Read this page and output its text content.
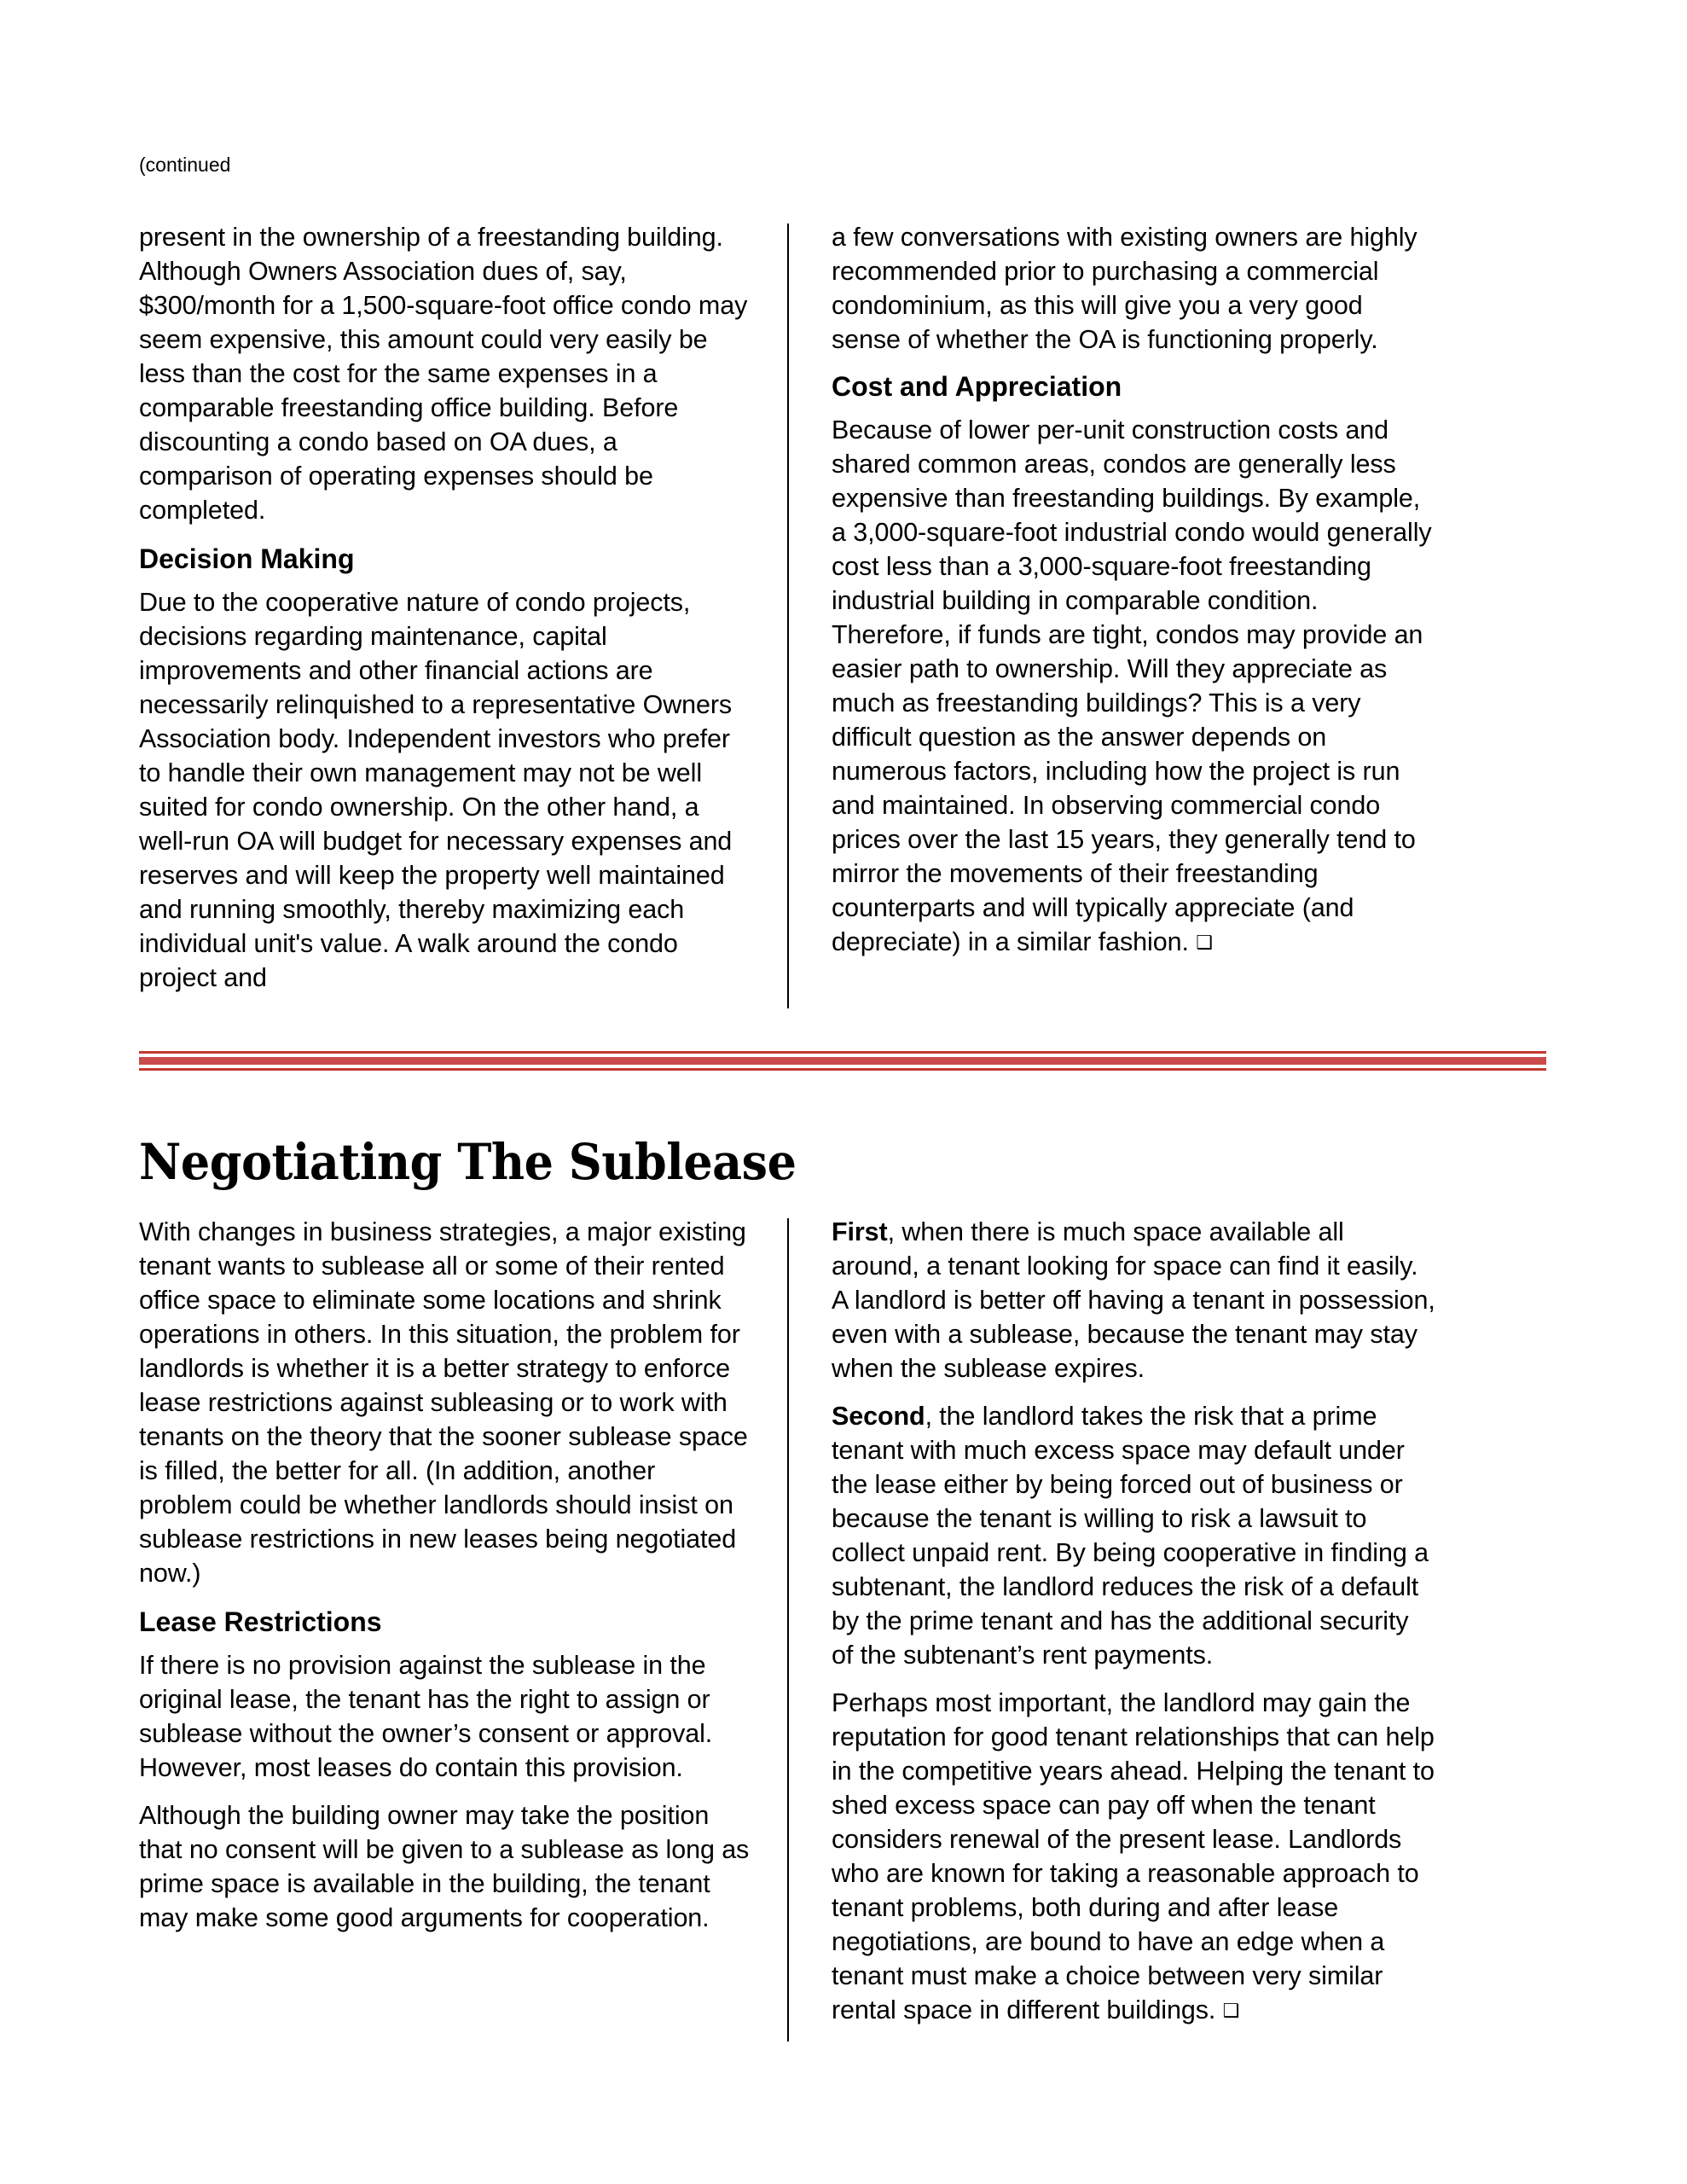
(continued

present in the ownership of a freestanding building. Although Owners Association dues of, say, $300/month for a 1,500-square-foot office condo may seem expensive, this amount could very easily be less than the cost for the same expenses in a comparable freestanding office building. Before discounting a condo based on OA dues, a comparison of operating expenses should be completed.

Decision Making

Due to the cooperative nature of condo projects, decisions regarding maintenance, capital improvements and other financial actions are necessarily relinquished to a representative Owners Association body. Independent investors who prefer to handle their own management may not be well suited for condo ownership. On the other hand, a well-run OA will budget for necessary expenses and reserves and will keep the property well maintained and running smoothly, thereby maximizing each individual unit's value. A walk around the condo project and

a few conversations with existing owners are highly recommended prior to purchasing a commercial condominium, as this will give you a very good sense of whether the OA is functioning properly.

Cost and Appreciation

Because of lower per-unit construction costs and shared common areas, condos are generally less expensive than freestanding buildings. By example, a 3,000-square-foot industrial condo would generally cost less than a 3,000-square-foot freestanding industrial building in comparable condition. Therefore, if funds are tight, condos may provide an easier path to ownership. Will they appreciate as much as freestanding buildings? This is a very difficult question as the answer depends on numerous factors, including how the project is run and maintained. In observing commercial condo prices over the last 15 years, they generally tend to mirror the movements of their freestanding counterparts and will typically appreciate (and depreciate) in a similar fashion. ❑

Negotiating The Sublease

With changes in business strategies, a major existing tenant wants to sublease all or some of their rented office space to eliminate some locations and shrink operations in others. In this situation, the problem for landlords is whether it is a better strategy to enforce lease restrictions against subleasing or to work with tenants on the theory that the sooner sublease space is filled, the better for all. (In addition, another problem could be whether landlords should insist on sublease restrictions in new leases being negotiated now.)

Lease Restrictions

If there is no provision against the sublease in the original lease, the tenant has the right to assign or sublease without the owner’s consent or approval. However, most leases do contain this provision.

Although the building owner may take the position that no consent will be given to a sublease as long as prime space is available in the building, the tenant may make some good arguments for cooperation.

First, when there is much space available all around, a tenant looking for space can find it easily. A landlord is better off having a tenant in possession, even with a sublease, because the tenant may stay when the sublease expires.

Second, the landlord takes the risk that a prime tenant with much excess space may default under the lease either by being forced out of business or because the tenant is willing to risk a lawsuit to collect unpaid rent. By being cooperative in finding a subtenant, the landlord reduces the risk of a default by the prime tenant and has the additional security of the subtenant’s rent payments.

Perhaps most important, the landlord may gain the reputation for good tenant relationships that can help in the competitive years ahead. Helping the tenant to shed excess space can pay off when the tenant considers renewal of the present lease. Landlords who are known for taking a reasonable approach to tenant problems, both during and after lease negotiations, are bound to have an edge when a tenant must make a choice between very similar rental space in different buildings. ❑
